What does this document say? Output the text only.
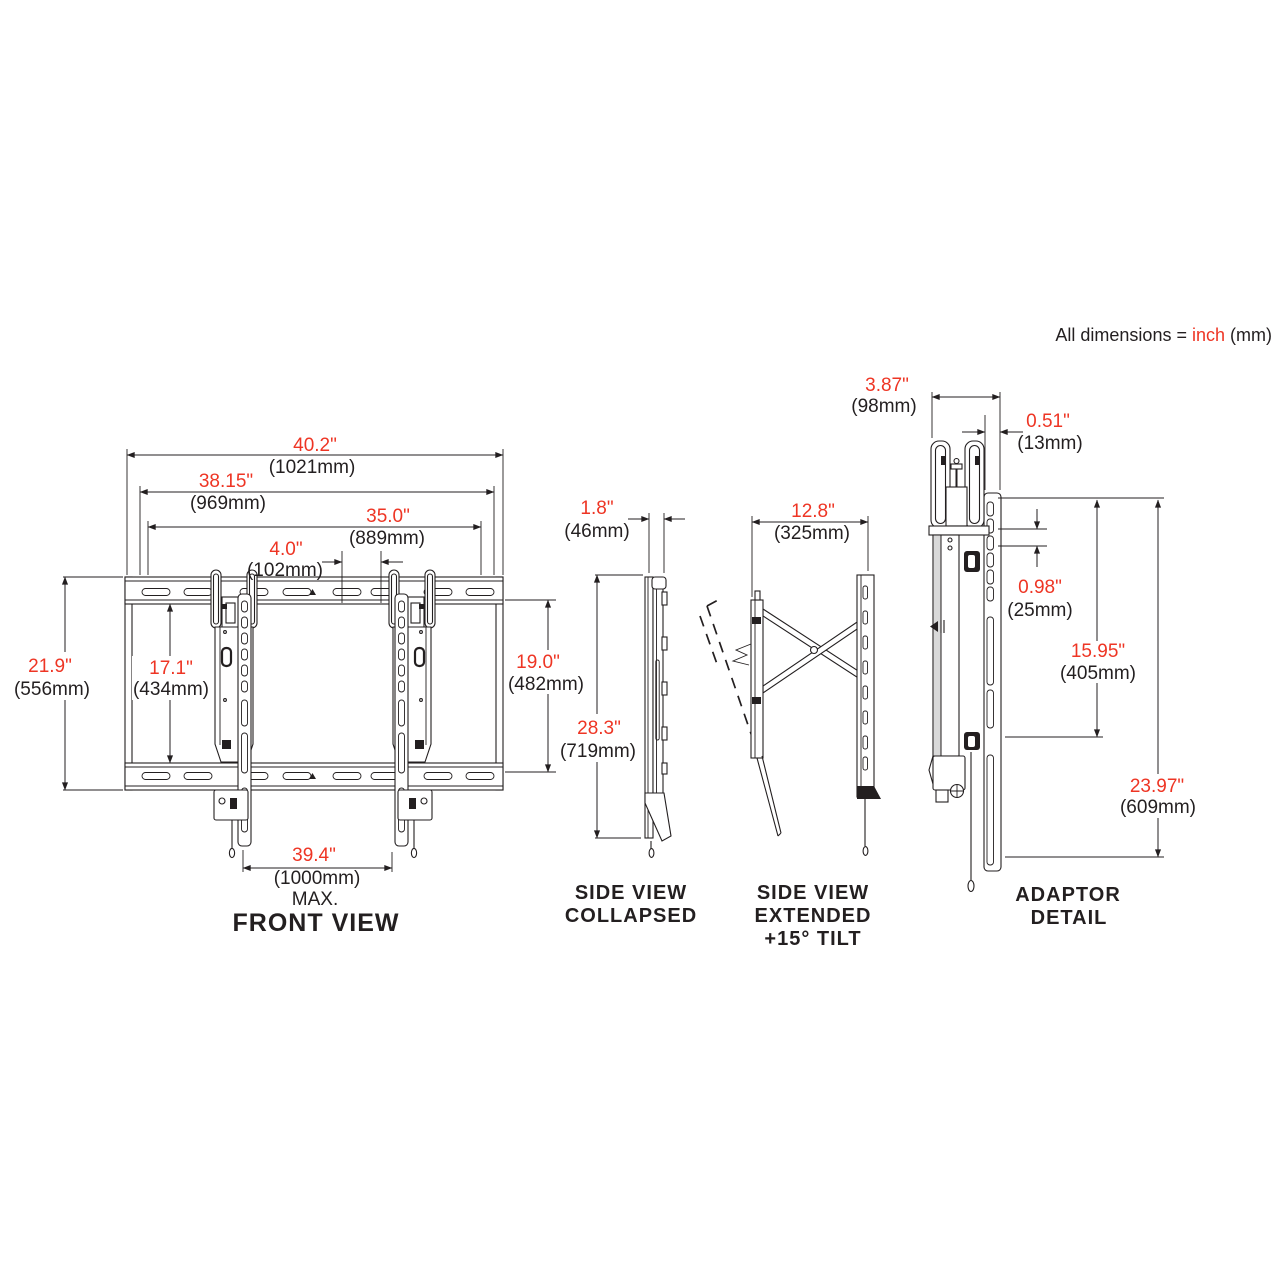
All dimensions = inch (mm)
40.2"
(1021mm)
38.15"
(969mm)
35.0"
(889mm)
4.0"
(102mm)
21.9"
(556mm)
17.1"
(434mm)
19.0"
(482mm)
39.4"
(1000mm)
MAX.
FRONT VIEW
1.8"
(46mm)
28.3"
(719mm)
SIDE VIEW
COLLAPSED
12.8"
(325mm)
SIDE VIEW
EXTENDED
+15° TILT
3.87"
(98mm)
0.51"
(13mm)
0.98"
(25mm)
15.95"
(405mm)
23.97"
(609mm)
ADAPTOR
DETAIL
